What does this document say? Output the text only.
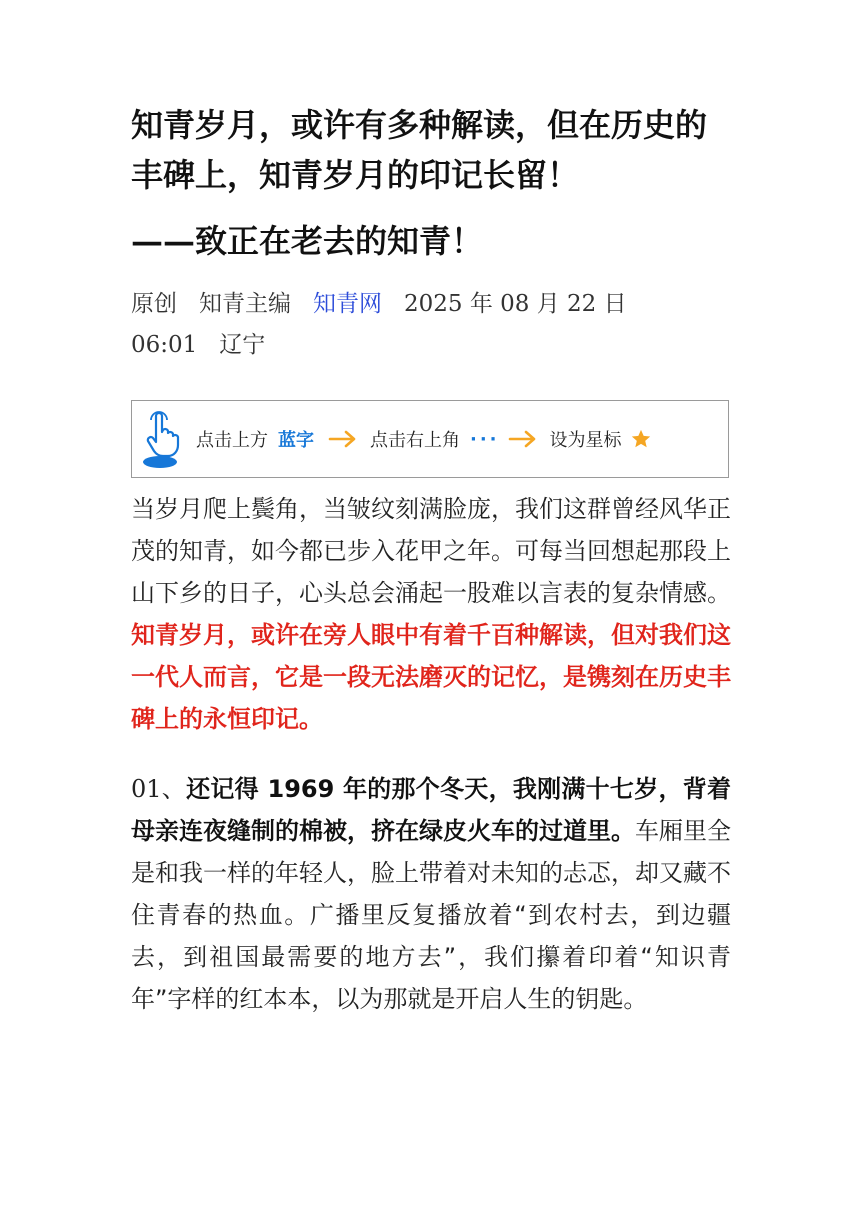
知青岁月，或许有多种解读，但在历史的丰碑上，知青岁月的印记长留！
——致正在老去的知青！
原创 知青主编 知青网 2025 年 08 月 22 日
06:01 辽宁
点击上方 蓝字	点击右上角 ···	设为星标

当岁月爬上鬓角，当皱纹刻满脸庞，我们这群曾经风华正茂的知青，如今都已步入花甲之年。可每当回想起那段上山下乡的日子，心头总会涌起一股难以言表的复杂情感。知青岁月，或许在旁人眼中有着千百种解读，但对我们这一代人而言，它是一段无法磨灭的记忆，是镌刻在历史丰碑上的永恒印记。

01、还记得 1969 年的那个冬天，我刚满十七岁，背着母亲连夜缝制的棉被，挤在绿皮火车的过道里。车厢里全是和我一样的年轻人，脸上带着对未知的忐忑，却又藏不住青春的热血。广播里反复播放着“到农村去，到边疆去，到祖国最需要的地方去”，我们攥着印着“知识青年”字样的红本本，以为那就是开启人生的钥匙。
